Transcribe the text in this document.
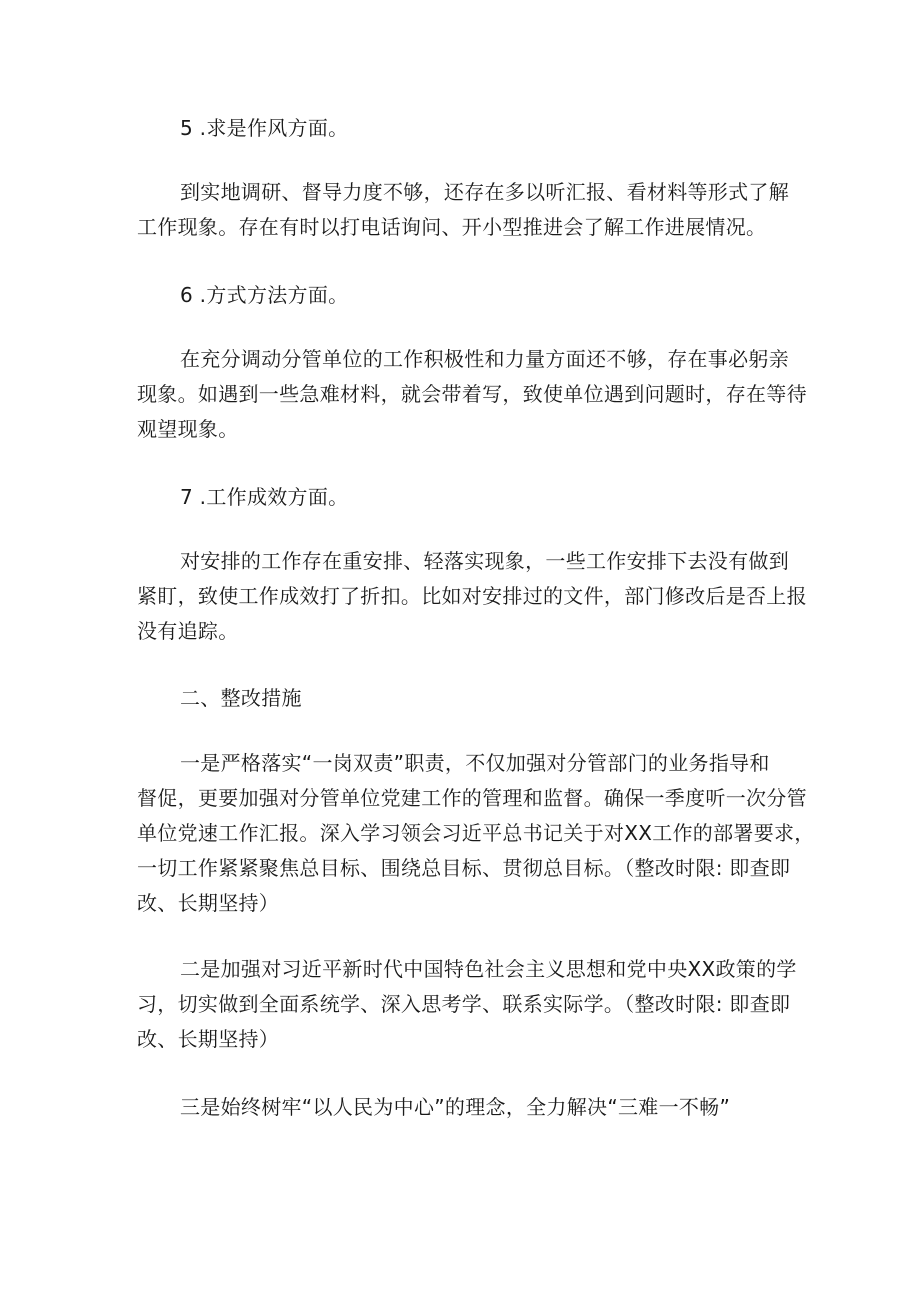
5 .求是作风方面。
到实地调研、督导力度不够，还存在多以听汇报、看材料等形式了解
工作现象。存在有时以打电话询问、开小型推进会了解工作进展情况。
6 .方式方法方面。
在充分调动分管单位的工作积极性和力量方面还不够，存在事必躬亲
现象。如遇到一些急难材料，就会带着写，致使单位遇到问题时，存在等待
观望现象。
7 .工作成效方面。
对安排的工作存在重安排、轻落实现象，一些工作安排下去没有做到
紧盯，致使工作成效打了折扣。比如对安排过的文件，部门修改后是否上报
没有追踪。
二、整改措施
一是严格落实“一岗双责”职责，不仅加强对分管部门的业务指导和
督促，更要加强对分管单位党建工作的管理和监督。确保一季度听一次分管
单位党速工作汇报。深入学习领会习近平总书记关于对XX工作的部署要求，
一切工作紧紧聚焦总目标、围绕总目标、贯彻总目标。（整改时限: 即查即
改、长期坚持）
二是加强对习近平新时代中国特色社会主义思想和党中央XX政策的学
习，切实做到全面系统学、深入思考学、联系实际学。（整改时限: 即查即
改、长期坚持）
三是始终树牢“以人民为中心”的理念，全力解决“三难一不畅”
